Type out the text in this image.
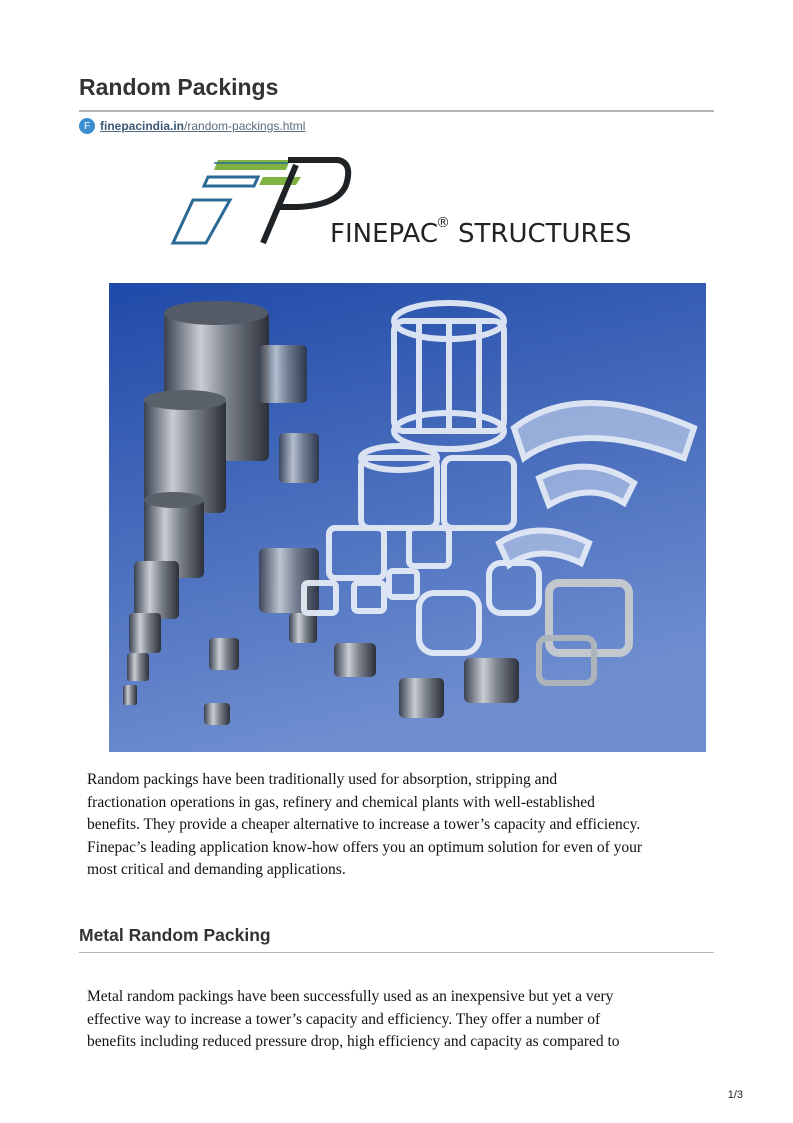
Random Packings
F finepacindia.in/random-packings.html
FINEPAC
® STRUCTURES

Random packings have been traditionally used for absorption, stripping and
fractionation operations in gas, refinery and chemical plants with well-established
benefits. They provide a cheaper alternative to increase a tower’s capacity and efficiency.
Finepac’s leading application know-how offers you an optimum solution for even of your
most critical and demanding applications.

Metal Random Packing

Metal random packings have been successfully used as an inexpensive but yet a very
effective way to increase a tower’s capacity and efficiency. They offer a number of
benefits including reduced pressure drop, high efficiency and capacity as compared to

1/3
